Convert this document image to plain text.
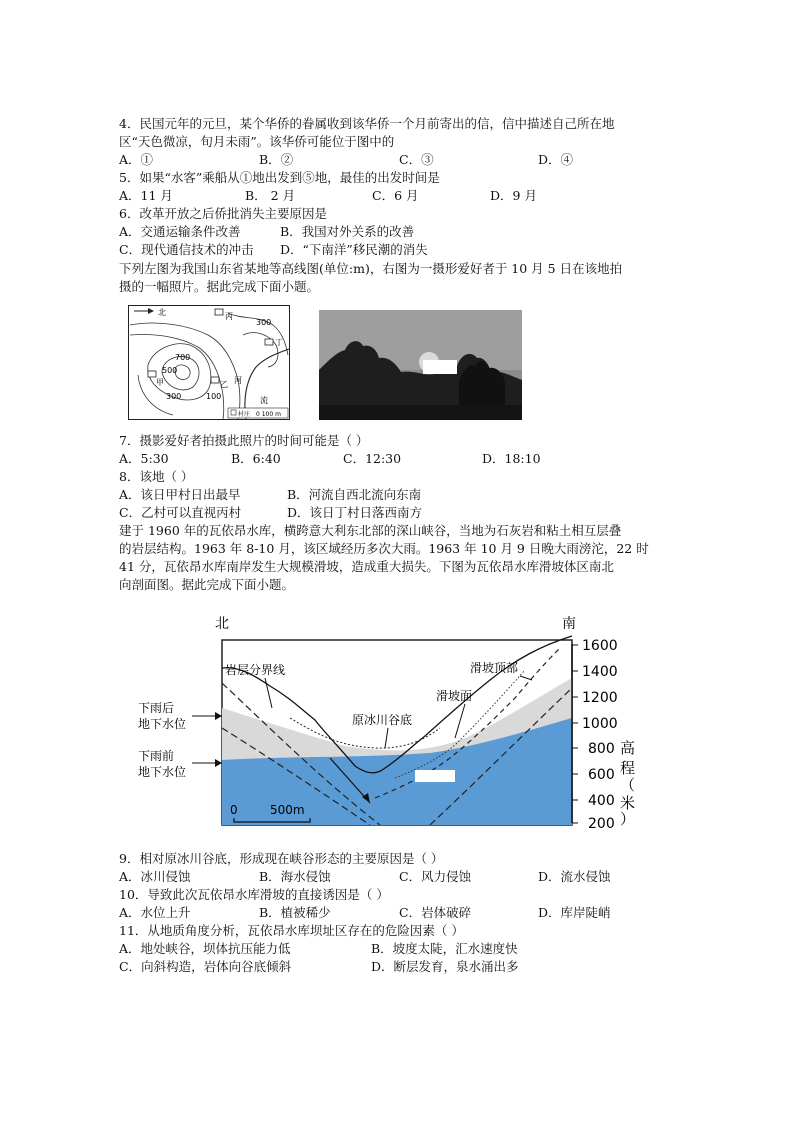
4．民国元年的元旦，某个华侨的眷属收到该华侨一个月前寄出的信，信中描述自己所在地
区“天色微凉，旬月未雨”。该华侨可能位于图中的
A．①	B．②	C．③	D．④
5．如果“水客”乘船从①地出发到⑤地，最佳的出发时间是
A．11 月	B． 2 月	C．6 月	D．9 月
6．改革开放之后侨批消失主要原因是
A．交通运输条件改善	B．我国对外关系的改善
C．现代通信技术的冲击 D．“下南洋”移民潮的消失
下列左图为我国山东省某地等高线图(单位:m)，右图为一摄形爱好者于 10 月 5 日在该地拍
摄的一幅照片。据此完成下面小题。
北	丙
300
丁
700
500
乙
甲
300	100
河
流
村庄 0 100 m
7．摄影爱好者拍摄此照片的时间可能是（ ）
A．5:30	B．6:40	C．12:30	D．18:10
8．该地（ ）
A．该日甲村日出最早	B．河流自西北流向东南
C．乙村可以直视丙村	D．该日丁村日落西南方
建于 1960 年的瓦依昂水库，横跨意大利东北部的深山峡谷，当地为石灰岩和粘土相互层叠
的岩层结构。1963 年 8-10 月，该区域经历多次大雨。1963 年 10 月 9 日晚大雨滂沱，22 时
41 分，瓦依昂水库南岸发生大规模滑坡，造成重大损失。下图为瓦依昂水库滑坡体区南北
向剖面图。据此完成下面小题。
岩层分界线	滑坡顶部
滑坡面
原冰川谷底
下雨后
地下水位
下雨前
地下水位
北	南
0	500m
1600
1400
1200
1000
800
600
400
200
高
程
（
米
）
9．相对原冰川谷底，形成现在峡谷形态的主要原因是（ ）
A．冰川侵蚀	B．海水侵蚀	C．风力侵蚀	D．流水侵蚀
10．导致此次瓦依昂水库滑坡的直接诱因是（ ）
A．水位上升	B．植被稀少	C．岩体破碎	D．库岸陡峭
11．从地质角度分析，瓦依昂水库坝址区存在的危险因素（ ）
A．地处峡谷，坝体抗压能力低	B．坡度太陡，汇水速度快
C．向斜构造，岩体向谷底倾斜	D．断层发育，泉水涌出多
